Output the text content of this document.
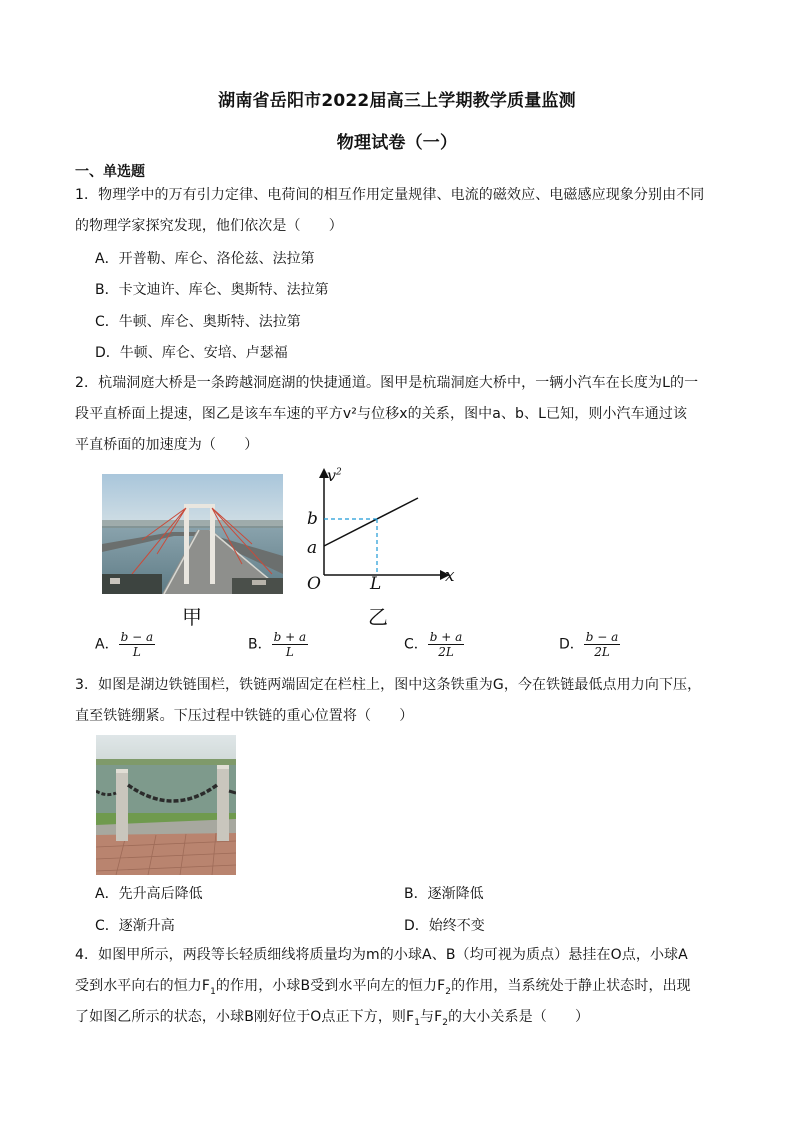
湖南省岳阳市2022届高三上学期教学质量监测
物理试卷（一）
一、单选题
1．物理学中的万有引力定律、电荷间的相互作用定量规律、电流的磁效应、电磁感应现象分别由不同
的物理学家探究发现，他们依次是（　　）
A．开普勒、库仑、洛伦兹、法拉第
B．卡文迪许、库仑、奥斯特、法拉第
C．牛顿、库仑、奥斯特、法拉第
D．牛顿、库仑、安培、卢瑟福
2．杭瑞洞庭大桥是一条跨越洞庭湖的快捷通道。图甲是杭瑞洞庭大桥中，一辆小汽车在长度为L的一
段平直桥面上提速，图乙是该车车速的平方v²与位移x的关系，图中a、b、L已知，则小汽车通过该
平直桥面的加速度为（　　）
甲
$v^2$
x
O
a
b
L
乙
A． $\frac{b - a}{L}$	B． $\frac{b + a}{L}$	C． $\frac{b + a}{2L}$	D． $\frac{b - a}{2L}$
3．如图是湖边铁链围栏，铁链两端固定在栏柱上，图中这条铁重为G，今在铁链最低点用力向下压，
直至铁链绷紧。下压过程中铁链的重心位置将（　　）
A．先升高后降低	B．逐渐降低
C．逐渐升高	D．始终不变
4．如图甲所示，两段等长轻质细线将质量均为m的小球A、B（均可视为质点）悬挂在O点，小球A
受到水平向右的恒力$F_1$的作用，小球B受到水平向左的恒力$F_2$的作用，当系统处于静止状态时，出现
了如图乙所示的状态，小球B刚好位于O点正下方，则$F_1$与$F_2$的大小关系是（　　）
